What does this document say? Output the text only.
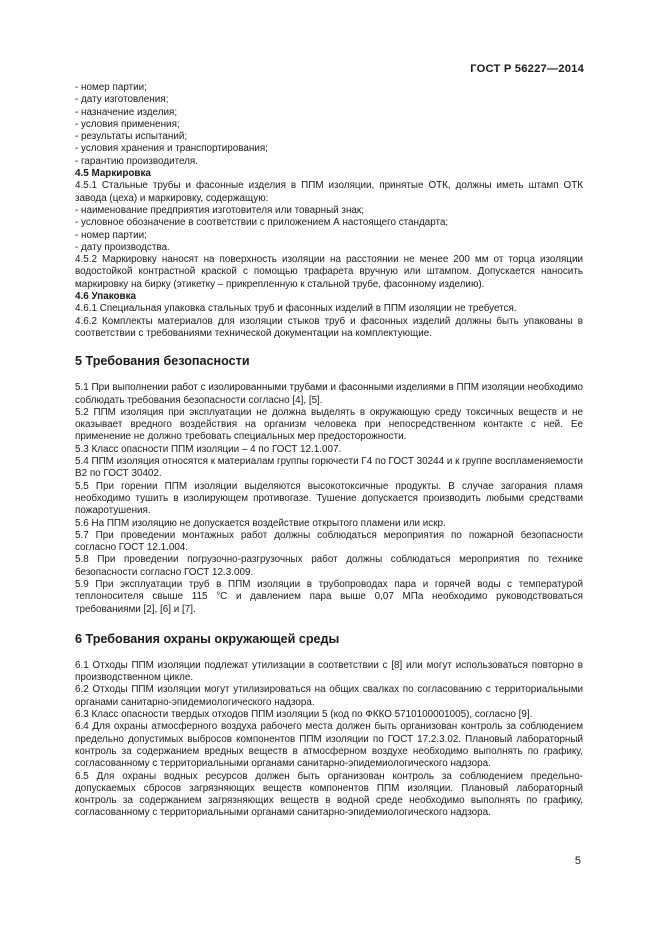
ГОСТ Р 56227—2014

- номер партии;

- дату изготовления;

- назначение изделия;

- условия применения;

- результаты испытаний;

- условия хранения и транспортирования;

- гарантию производителя.

4.5 Маркировка

4.5.1 Стальные трубы и фасонные изделия в ППМ изоляции, принятые ОТК, должны иметь штамп ОТК завода (цеха) и маркировку, содержащую:

- наименование предприятия изготовителя или товарный знак;

- условное обозначение в соответствии с приложением А настоящего стандарта;

- номер партии;

- дату производства.

4.5.2 Маркировку наносят на поверхность изоляции на расстоянии не менее 200 мм от торца изоляции водостойкой контрастной краской с помощью трафарета вручную или штампом. Допускается наносить маркировку на бирку (этикетку – прикрепленную к стальной трубе, фасонному изделию).

4.6 Упаковка

4.6.1 Специальная упаковка стальных труб и фасонных изделий в ППМ изоляции не требуется.

4.6.2 Комплекты материалов для изоляции стыков труб и фасонных изделий должны быть упакованы в соответствии с требованиями технической документации на комплектующие.

5 Требования безопасности

5.1 При выполнении работ с изолированными трубами и фасонными изделиями в ППМ изоляции необходимо соблюдать требования безопасности согласно [4], [5].

5.2 ППМ изоляция при эксплуатации не должна выделять в окружающую среду токсичных веществ и не оказывает вредного воздействия на организм человека при непосредственном контакте с ней. Ее применение не должно требовать специальных мер предосторожности.

5.3 Класс опасности ППМ изоляции – 4 по ГОСТ 12.1.007.

5.4 ППМ изоляция относятся к материалам группы горючести Г4 по ГОСТ 30244 и к группе воспламеняемости В2 по ГОСТ 30402.

5.5 При горении ППМ изоляции выделяются высокотоксичные продукты. В случае загорания пламя необходимо тушить в изолирующем противогазе. Тушение допускается производить любыми средствами пожаротушения.

5.6 На ППМ изоляцию не допускается воздействие открытого пламени или искр.

5.7 При проведении монтажных работ должны соблюдаться мероприятия по пожарной безопасности согласно ГОСТ 12.1.004.

5.8 При проведении погрузочно-разгрузочных работ должны соблюдаться мероприятия по технике безопасности согласно ГОСТ 12.3.009.

5.9 При эксплуатации труб в ППМ изоляции в трубопроводах пара и горячей воды с температурой теплоносителя свыше 115 °С и давлением пара выше 0,07 МПа необходимо руководствоваться требованиями [2], [6] и [7].

6 Требования охраны окружающей среды

6.1 Отходы ППМ изоляции подлежат утилизации в соответствии с [8] или могут использоваться повторно в производственном цикле.

6.2 Отходы ППМ изоляции могут утилизироваться на общих свалках по согласованию с территориальными органами санитарно-эпидемиологического надзора.

6.3 Класс опасности твердых отходов ППМ изоляции 5 (код по ФККО 5710100001005), согласно [9].

6.4 Для охраны атмосферного воздуха рабочего места должен быть организован контроль за соблюдением предельно допустимых выбросов компонентов ППМ изоляции по ГОСТ 17.2.3.02. Плановый лабораторный контроль за содержанием вредных веществ в атмосферном воздухе необходимо выполнять по графику, согласованному с территориальными органами санитарно-эпидемиологического надзора.

6.5 Для охраны водных ресурсов должен быть организован контроль за соблюдением предельно-допускаемых сбросов загрязняющих веществ компонентов ППМ изоляции. Плановый лабораторный контроль за содержанием загрязняющих веществ в водной среде необходимо выполнять по графику, согласованному с территориальными органами санитарно-эпидемиологического надзора.

5
